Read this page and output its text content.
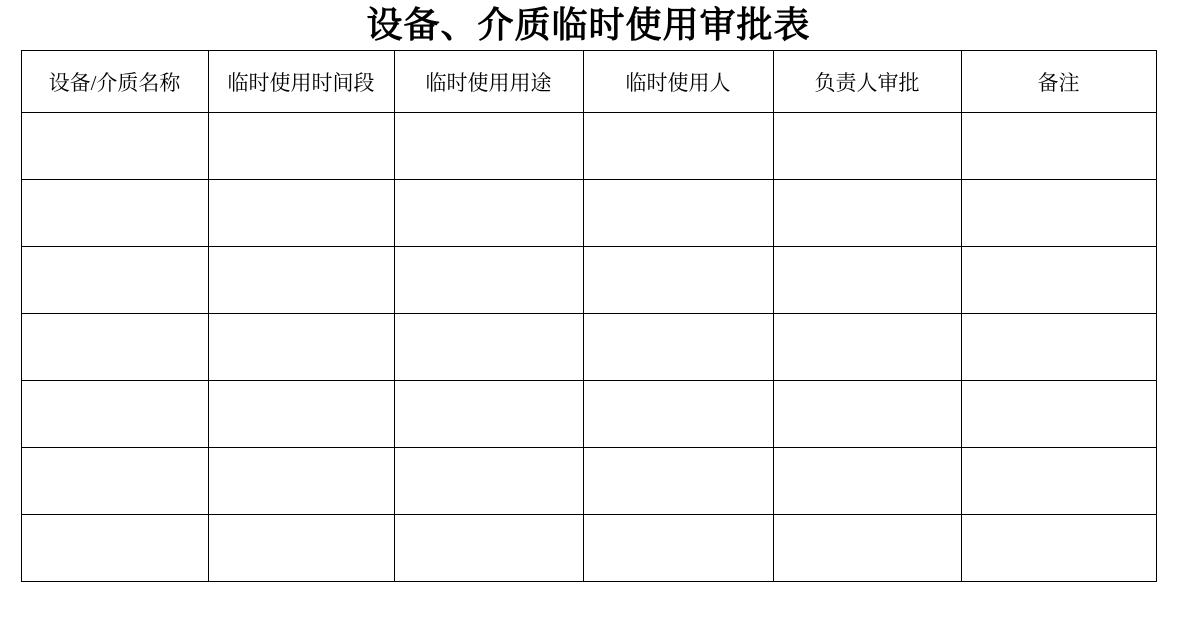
设备、介质临时使用审批表
设备/介质名称	临时使用时间段	临时使用用途	临时使用人	负责人审批	备注
